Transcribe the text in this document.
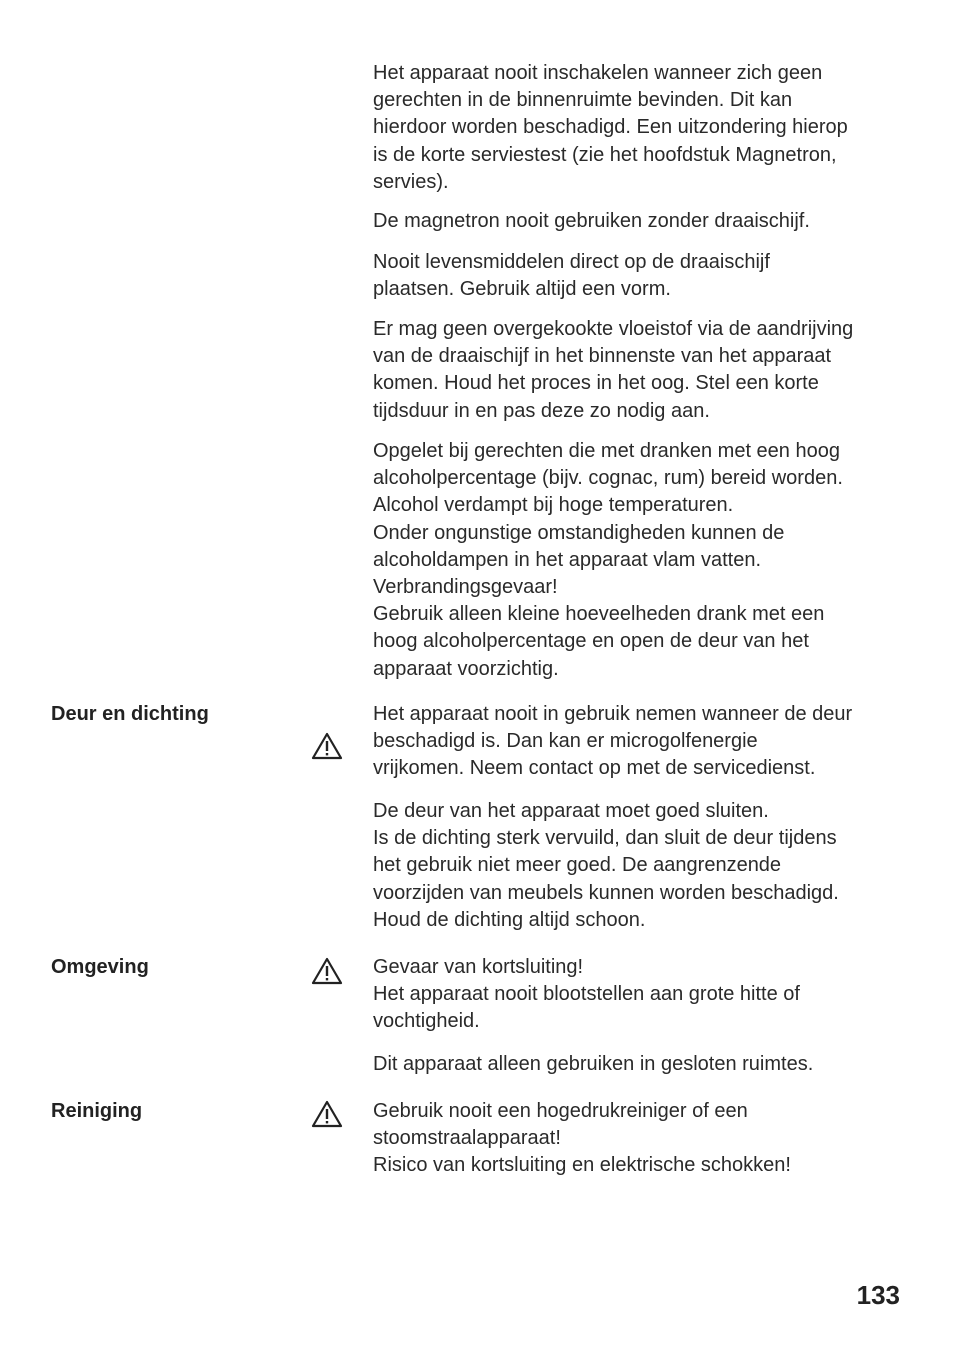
Het apparaat nooit inschakelen wanneer zich geen
gerechten in de binnenruimte bevinden. Dit kan
hierdoor worden beschadigd. Een uitzondering hierop
is de korte serviestest (zie het hoofdstuk Magnetron,
servies).
De magnetron nooit gebruiken zonder draaischijf.
Nooit levensmiddelen direct op de draaischijf
plaatsen. Gebruik altijd een vorm.
Er mag geen overgekookte vloeistof via de aandrijving
van de draaischijf in het binnenste van het apparaat
komen. Houd het proces in het oog. Stel een korte
tijdsduur in en pas deze zo nodig aan.
Opgelet bij gerechten die met dranken met een hoog
alcoholpercentage (bijv. cognac, rum) bereid worden.
Alcohol verdampt bij hoge temperaturen.
Onder ongunstige omstandigheden kunnen de
alcoholdampen in het apparaat vlam vatten.
Verbrandingsgevaar!
Gebruik alleen kleine hoeveelheden drank met een
hoog alcoholpercentage en open de deur van het
apparaat voorzichtig.
Deur en dichting	Het apparaat nooit in gebruik nemen wanneer de deur
beschadigd is. Dan kan er microgolfenergie
vrijkomen. Neem contact op met de servicedienst.
De deur van het apparaat moet goed sluiten.
Is de dichting sterk vervuild, dan sluit de deur tijdens
het gebruik niet meer goed. De aangrenzende
voorzijden van meubels kunnen worden beschadigd.
Houd de dichting altijd schoon.
Omgeving	Gevaar van kortsluiting!
Het apparaat nooit blootstellen aan grote hitte of
vochtigheid.
Dit apparaat alleen gebruiken in gesloten ruimtes.
Reiniging	Gebruik nooit een hogedrukreiniger of een
stoomstraalapparaat!
Risico van kortsluiting en elektrische schokken!
133
